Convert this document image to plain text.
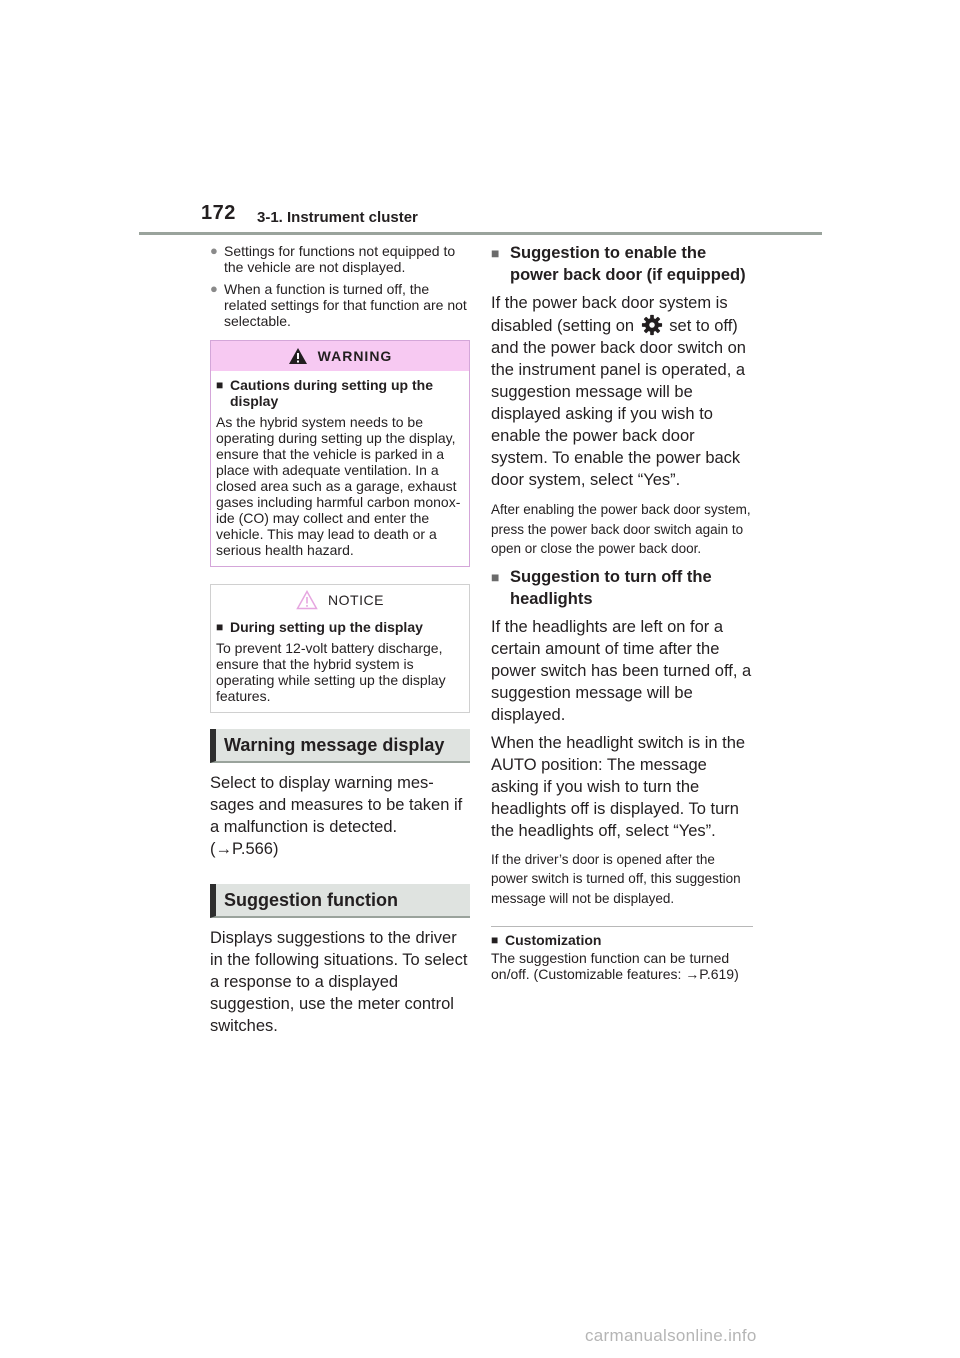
172 3-1. Instrument cluster
● Settings for functions not equipped to the vehicle are not displayed.
● When a function is turned off, the related settings for that function are not selectable.
WARNING
■ Cautions during setting up the display
As the hybrid system needs to be operating during setting up the display, ensure that the vehicle is parked in a place with adequate ventilation. In a closed area such as a garage, exhaust gases including harmful carbon monoxide (CO) may collect and enter the vehicle. This may lead to death or a serious health hazard.
NOTICE
■ During setting up the display
To prevent 12-volt battery discharge, ensure that the hybrid system is operating while setting up the display features.
Warning message display
Select to display warning messages and measures to be taken if a malfunction is detected. (→P.566)
Suggestion function
Displays suggestions to the driver in the following situations. To select a response to a displayed suggestion, use the meter control switches.
■ Suggestion to enable the power back door (if equipped)
If the power back door system is disabled (setting on set to off) and the power back door switch on the instrument panel is operated, a suggestion message will be displayed asking if you wish to enable the power back door system. To enable the power back door system, select “Yes”.
After enabling the power back door system, press the power back door switch again to open or close the power back door.
■ Suggestion to turn off the headlights
If the headlights are left on for a certain amount of time after the power switch has been turned off, a suggestion message will be displayed.
When the headlight switch is in the AUTO position: The message asking if you wish to turn the headlights off is displayed. To turn the headlights off, select “Yes”.
If the driver’s door is opened after the power switch is turned off, this suggestion message will not be displayed.
■ Customization
The suggestion function can be turned on/off. (Customizable features: →P.619)
carmanualsonline.info
